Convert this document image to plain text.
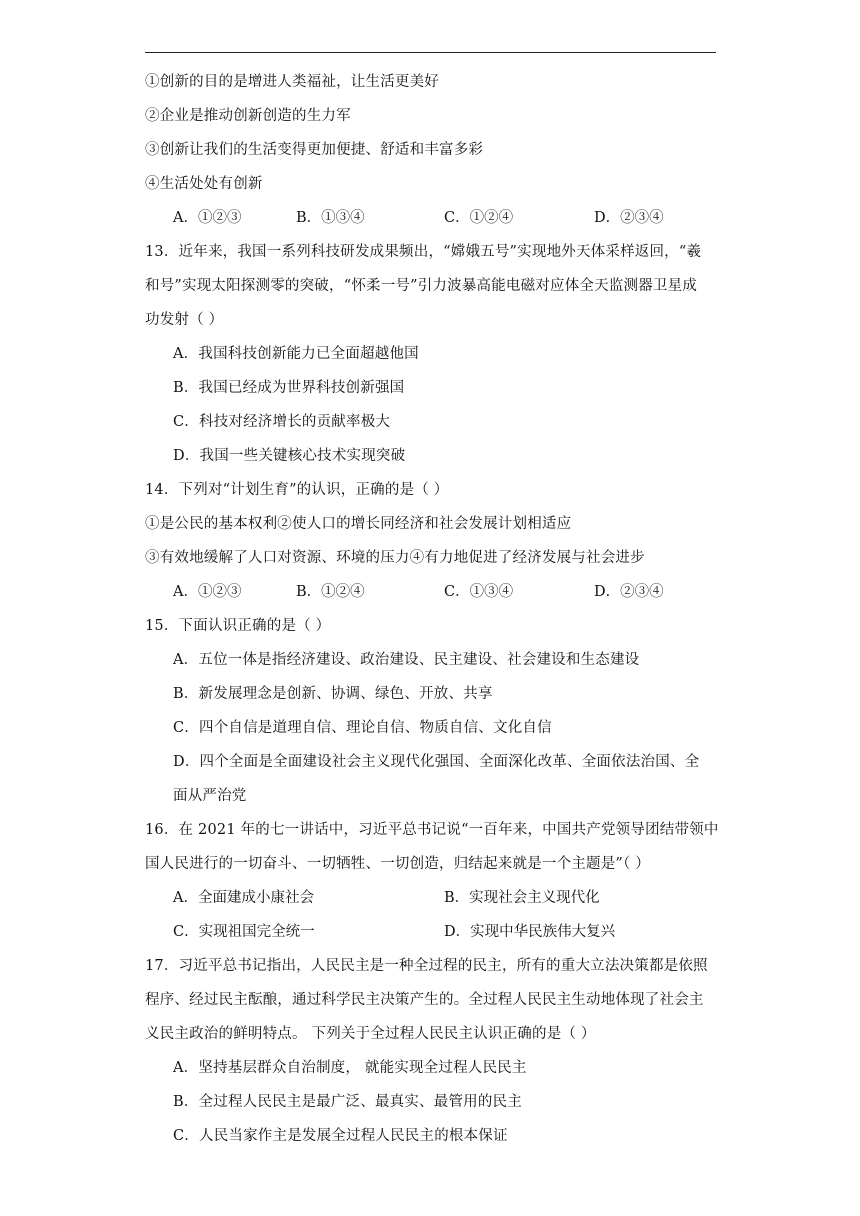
①创新的目的是增进人类福祉，让生活更美好
②企业是推动创新创造的生力军
③创新让我们的生活变得更加便捷、舒适和丰富多彩
④生活处处有创新
A．①②③	B．①③④	C．①②④	D．②③④
13．近年来，我国一系列科技研发成果频出，“嫦娥五号”实现地外天体采样返回，“羲
和号”实现太阳探测零的突破，“怀柔一号”引力波暴高能电磁对应体全天监测器卫星成
功发射（ ）
A．我国科技创新能力已全面超越他国
B．我国已经成为世界科技创新强国
C．科技对经济增长的贡献率极大
D．我国一些关键核心技术实现突破
14．下列对“计划生育”的认识，正确的是（ ）
①是公民的基本权利②使人口的增长同经济和社会发展计划相适应
③有效地缓解了人口对资源、环境的压力④有力地促进了经济发展与社会进步
A．①②③	B．①②④	C．①③④	D．②③④
15．下面认识正确的是（ ）
A．五位一体是指经济建设、政治建设、民主建设、社会建设和生态建设
B．新发展理念是创新、协调、绿色、开放、共享
C．四个自信是道理自信、理论自信、物质自信、文化自信
D．四个全面是全面建设社会主义现代化强国、全面深化改革、全面依法治国、全
面从严治党
16．在 2021 年的七一讲话中，习近平总书记说“一百年来，中国共产党领导团结带领中
国人民进行的一切奋斗、一切牺牲、一切创造，归结起来就是一个主题是”（ ）
A．全面建成小康社会	B．实现社会主义现代化
C．实现祖国完全统一	D．实现中华民族伟大复兴
17．习近平总书记指出，人民民主是一种全过程的民主，所有的重大立法决策都是依照
程序、经过民主酝酿，通过科学民主决策产生的。全过程人民民主生动地体现了社会主
义民主政治的鲜明特点。 下列关于全过程人民民主认识正确的是（ ）
A．坚持基层群众自治制度， 就能实现全过程人民民主
B．全过程人民民主是最广泛、最真实、最管用的民主
C．人民当家作主是发展全过程人民民主的根本保证
